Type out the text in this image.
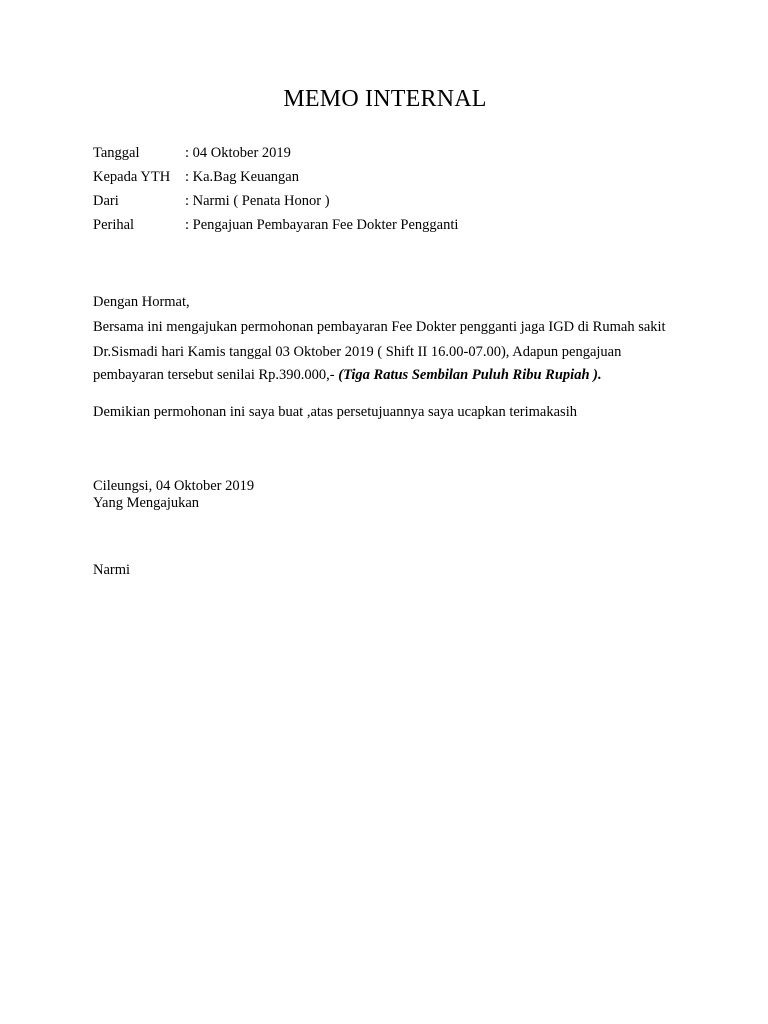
MEMO INTERNAL
Tanggal	: 04 Oktober 2019
Kepada YTH : Ka.Bag Keuangan
Dari	: Narmi ( Penata Honor )
Perihal	: Pengajuan Pembayaran Fee Dokter Pengganti
Dengan Hormat,
Bersama ini mengajukan permohonan pembayaran Fee Dokter pengganti jaga IGD di Rumah sakit
Dr.Sismadi hari Kamis tanggal 03 Oktober 2019 ( Shift II 16.00-07.00), Adapun pengajuan
pembayaran tersebut senilai Rp.390.000,- (Tiga Ratus Sembilan Puluh Ribu Rupiah ).
Demikian permohonan ini saya buat ,atas persetujuannya saya ucapkan terimakasih
Cileungsi, 04 Oktober 2019
Yang Mengajukan
Narmi
